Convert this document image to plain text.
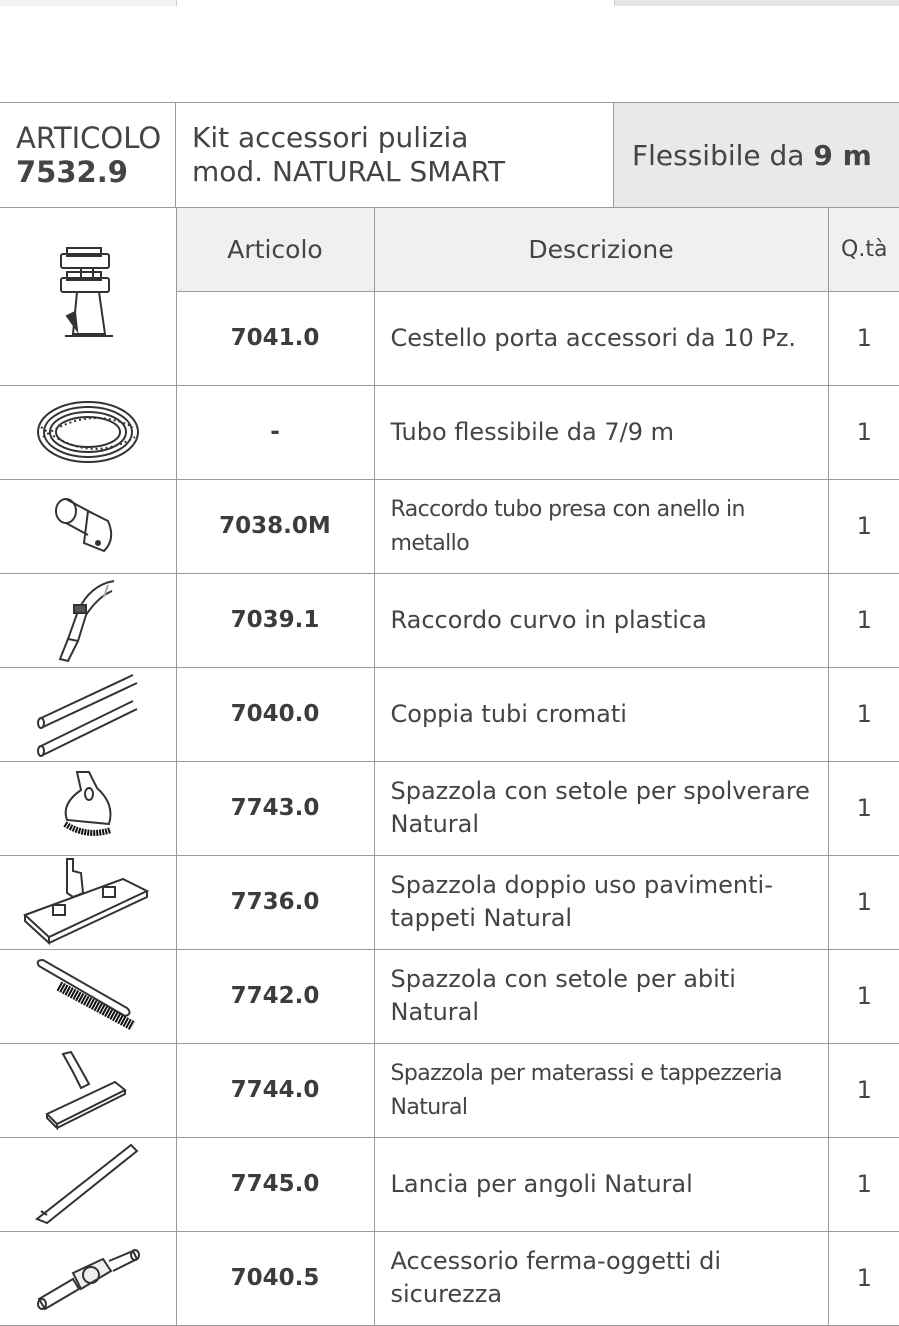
ARTICOLO
7532.9
Kit accessori pulizia
mod. NATURAL SMART	Flessibile da 9 m
	Articolo	Descrizione	Q.tà
	7041.0	Cestello porta accessori da 10 Pz.	1

	-	Tubo flessibile da 7/9 m	1

	7038.0M	Raccordo tubo presa con anello in metallo	1

	7039.1	Raccordo curvo in plastica	1

	7040.0	Coppia tubi cromati	1

	7743.0	Spazzola con setole per spolverare
Natural	1

	7736.0	Spazzola doppio uso pavimenti-
tappeti Natural	1

	7742.0	Spazzola con setole per abiti
Natural	1

	7744.0	Spazzola per materassi e tappezzeria
Natural	1

	7745.0	Lancia per angoli Natural	1

	7040.5	Accessorio ferma-oggetti di
sicurezza	1
